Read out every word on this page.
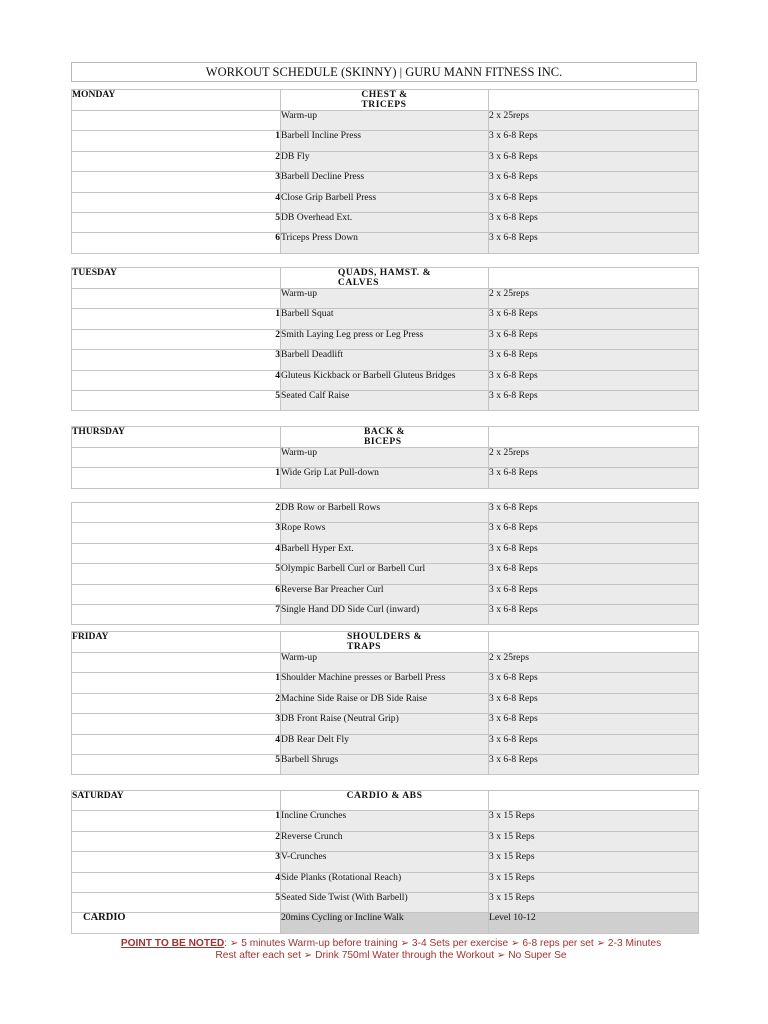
WORKOUT SCHEDULE (SKINNY) | GURU MANN FITNESS INC.
MONDAY	CHEST &
TRICEPS	
	Warm-up	2 x 25reps
1	Barbell Incline Press	3 x 6-8 Reps
2	DB Fly	3 x 6-8 Reps
3	Barbell Decline Press	3 x 6-8 Reps
4	Close Grip Barbell Press	3 x 6-8 Reps
5	DB Overhead Ext.	3 x 6-8 Reps
6	Triceps Press Down	3 x 6-8 Reps
TUESDAY	QUADS, HAMST. &
CALVES	
	Warm-up	2 x 25reps
1	Barbell Squat	3 x 6-8 Reps
2	Smith Laying Leg press or Leg Press	3 x 6-8 Reps
3	Barbell Deadlift	3 x 6-8 Reps
4	Gluteus Kickback or Barbell Gluteus Bridges	3 x 6-8 Reps
5	Seated Calf Raise	3 x 6-8 Reps
THURSDAY	BACK &
BICEPS	
	Warm-up	2 x 25reps
1	Wide Grip Lat Pull-down	3 x 6-8 Reps
2	DB Row or Barbell Rows	3 x 6-8 Reps
3	Rope Rows	3 x 6-8 Reps
4	Barbell Hyper Ext.	3 x 6-8 Reps
5	Olympic Barbell Curl or Barbell Curl	3 x 6-8 Reps
6	Reverse Bar Preacher Curl	3 x 6-8 Reps
7	Single Hand DD Side Curl (inward)	3 x 6-8 Reps
FRIDAY	SHOULDERS &
TRAPS	
	Warm-up	2 x 25reps
1	Shoulder Machine presses or Barbell Press	3 x 6-8 Reps
2	Machine Side Raise or DB Side Raise	3 x 6-8 Reps
3	DB Front Raise (Neutral Grip)	3 x 6-8 Reps
4	DB Rear Delt Fly	3 x 6-8 Reps
5	Barbell Shrugs	3 x 6-8 Reps
SATURDAY	CARDIO & ABS	
1	Incline Crunches	3 x 15 Reps
2	Reverse Crunch	3 x 15 Reps
3	V-Crunches	3 x 15 Reps
4	Side Planks (Rotational Reach)	3 x 15 Reps
5	Seated Side Twist (With Barbell)	3 x 15 Reps
CARDIO	20mins Cycling or Incline Walk	Level 10-12
POINT TO BE NOTED: ➢ 5 minutes Warm-up before training ➢ 3-4 Sets per exercise ➢ 6-8 reps per set ➢ 2-3 Minutes
Rest after each set ➢ Drink 750ml Water through the Workout ➢ No Super Se
